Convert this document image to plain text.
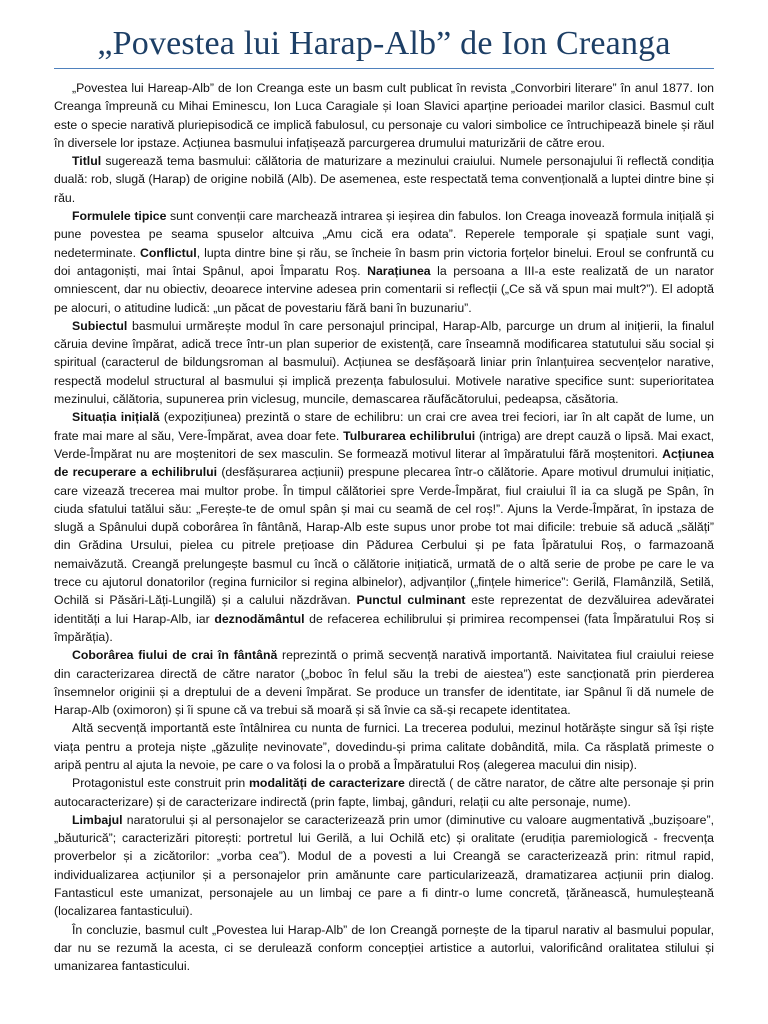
„Povestea lui Harap-Alb” de Ion Creanga

„Povestea lui Hareap-Alb” de Ion Creanga este un basm cult publicat în revista „Convorbiri literare” în anul 1877. Ion Creanga împreună cu Mihai Eminescu, Ion Luca Caragiale și Ioan Slavici aparține perioadei marilor clasici. Basmul cult este o specie narativă pluriepisodică ce implică fabulosul, cu personaje cu valori simbolice ce întruchipează binele și răul în diversele lor ipstaze. Acțiunea basmului infațișează parcurgerea drumului maturizării de către erou.

Titlul sugerează tema basmului: călătoria de maturizare a mezinului craiului. Numele personajului îi reflectă condiția duală: rob, slugă (Harap) de origine nobilă (Alb). De asemenea, este respectată tema convențională a luptei dintre bine și rău.

Formulele tipice sunt convenții care marchează intrarea și ieșirea din fabulos. Ion Creaga inovează formula inițială și pune povestea pe seama spuselor altcuiva „Amu cică era odata”. Reperele temporale și spațiale sunt vagi, nedeterminate. Conflictul, lupta dintre bine și rău, se încheie în basm prin victoria forțelor binelui. Eroul se confruntă cu doi antagoniști, mai întai Spânul, apoi Împaratu Roș. Narațiunea la persoana a III-a este realizată de un narator omniescent, dar nu obiectiv, deoarece intervine adesea prin comentarii si reflecții („Ce să vă spun mai mult?”). El adoptă pe alocuri, o atitudine ludică: „un păcat de povestariu fără bani în buzunariu”.

Subiectul basmului urmărește modul în care personajul principal, Harap-Alb, parcurge un drum al inițierii, la finalul căruia devine împărat, adică trece într-un plan superior de existență, care înseamnă modificarea statutului său social și spiritual (caracterul de bildungsroman al basmului). Acțiunea se desfășoară liniar prin înlanțuirea secvențelor narative, respectă modelul structural al basmului și implică prezența fabulosului. Motivele narative specifice sunt: superioritatea mezinului, călătoria, supunerea prin viclesug, muncile, demascarea răufăcătorului, pedeapsa, căsătoria.

Situația inițială (expozițiunea) prezintă o stare de echilibru: un crai cre avea trei feciori, iar în alt capăt de lume, un frate mai mare al său, Vere-Împărat, avea doar fete. Tulburarea echilibrului (intriga) are drept cauză o lipsă. Mai exact, Verde-Împărat nu are moștenitori de sex masculin. Se formează motivul literar al împăratului fără moștenitori. Acțiunea de recuperare a echilibrului (desfășurarea acțiunii) prespune plecarea într-o călătorie. Apare motivul drumului inițiatic, care vizează trecerea mai multor probe. În timpul călătoriei spre Verde-Împărat, fiul craiului îl ia ca slugă pe Spân, în ciuda sfatului tatălui său: „Ferește-te de omul spân și mai cu seamă de cel roș!”. Ajuns la Verde-Împărat, în ipstaza de slugă a Spânului după coborârea în fântână, Harap-Alb este supus unor probe tot mai dificile: trebuie să aducă „sălăți” din Grădina Ursului, pielea cu pitrele prețioase din Pădurea Cerbului și pe fata Îpăratului Roș, o farmazoană nemaivăzută. Creangă prelungește basmul cu încă o călătorie inițiatică, urmată de o altă serie de probe pe care le va trece cu ajutorul donatorilor (regina furnicilor si regina albinelor), adjvanților („fințele himerice”: Gerilă, Flamânzilă, Setilă, Ochilă si Păsări-Lăți-Lungilă) și a calului năzdrăvan. Punctul culminant este reprezentat de dezvăluirea adevăratei identități a lui Harap-Alb, iar deznodământul de refacerea echilibrului și primirea recompensei (fata Împăratului Roș si împărăția).

Coborârea fiului de crai în fântână reprezintă o primă secvență narativă importantă. Naivitatea fiul craiului reiese din caracterizarea directă de către narator („boboc în felul său la trebi de aiestea”) este sancționată prin pierderea însemnelor originii și a dreptului de a deveni împărat. Se produce un transfer de identitate, iar Spânul îi dă numele de Harap-Alb (oximoron) și îi spune că va trebui să moară și să învie ca să-și recapete identitatea.

Altă secvență importantă este întâlnirea cu nunta de furnici. La trecerea podului, mezinul hotărăște singur să își riște viața pentru a proteja niște „găzulițe nevinovate”, dovedindu-și prima calitate dobândită, mila. Ca răsplată primeste o aripă pentru al ajuta la nevoie, pe care o va folosi la o probă a Împăratului Roș (alegerea macului din nisip).

Protagonistul este construit prin modalități de caracterizare directă ( de către narator, de către alte personaje și prin autocaracterizare) și de caracterizare indirectă (prin fapte, limbaj, gânduri, relații cu alte personaje, nume).

Limbajul naratorului și al personajelor se caracterizează prin umor (diminutive cu valoare augmentativă „buzișoare”, „băuturică”; caracterizări pitorești: portretul lui Gerilă, a lui Ochilă etc) și oralitate (erudiția paremiologică - frecvența proverbelor și a zicătorilor: „vorba cea”). Modul de a povesti a lui Creangă se caracterizează prin: ritmul rapid, individualizarea acțiunilor și a personajelor prin amănunte care particularizează, dramatizarea acțiunii prin dialog. Fantasticul este umanizat, personajele au un limbaj ce pare a fi dintr-o lume concretă, țărănească, humuleșteană (localizarea fantasticului).

În concluzie, basmul cult „Povestea lui Harap-Alb” de Ion Creangă pornește de la tiparul narativ al basmului popular, dar nu se rezumă la acesta, ci se derulează conform concepției artistice a autorlui, valorificând oralitatea stilului și umanizarea fantasticului.
